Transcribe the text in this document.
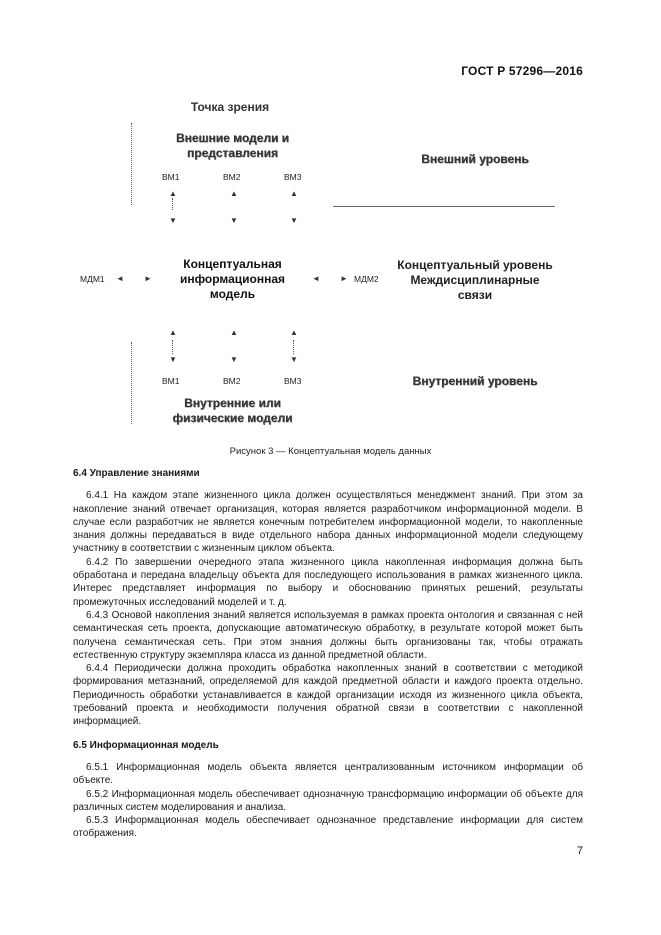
ГОСТ Р 57296—2016
Точка зрения
Внешние модели и представления	Внешний уровень
ВМ1	ВМ2	ВМ3
▲
▼
▲
▼
▲
▼
Концептуальная информационная модель
МДМ1 ◄	►	◄	► МДМ2
Концептуальный уровень
Междисциплинарные связи
▲
▼
▲
▼
▲
▼
ВМ1	ВМ2	ВМ3	Внутренний уровень
Внутренние или физические модели
Рисунок 3 — Концептуальная модель данных
6.4 Управление знаниями

6.4.1 На каждом этапе жизненного цикла должен осуществляться менеджмент знаний. При этом за накопление знаний отвечает организация, которая является разработчиком информационной модели. В случае если разработчик не является конечным потребителем информационной модели, то накопленные знания должны передаваться в виде отдельного набора данных информационной модели следующему участнику в соответствии с жизненным циклом объекта.

6.4.2 По завершении очередного этапа жизненного цикла накопленная информация должна быть обработана и передана владельцу объекта для последующего использования в рамках жизненного цикла. Интерес представляет информация по выбору и обоснованию принятых решений, результаты промежуточных исследований моделей и т. д.

6.4.3 Основой накопления знаний является используемая в рамках проекта онтология и связанная с ней семантическая сеть проекта, допускающие автоматическую обработку, в результате которой может быть получена семантическая сеть. При этом знания должны быть организованы так, чтобы отражать естественную структуру экземпляра класса из данной предметной области.

6.4.4 Периодически должна проходить обработка накопленных знаний в соответствии с методикой формирования метазнаний, определяемой для каждой предметной области и каждого проекта отдельно. Периодичность обработки устанавливается в каждой организации исходя из жизненного цикла объекта, требований проекта и необходимости получения обратной связи в соответствии с накопленной информацией.

6.5 Информационная модель

6.5.1 Информационная модель объекта является централизованным источником информации об объекте.

6.5.2 Информационная модель обеспечивает однозначную трансформацию информации об объекте для различных систем моделирования и анализа.

6.5.3 Информационная модель обеспечивает однозначное представление информации для систем отображения.

7
